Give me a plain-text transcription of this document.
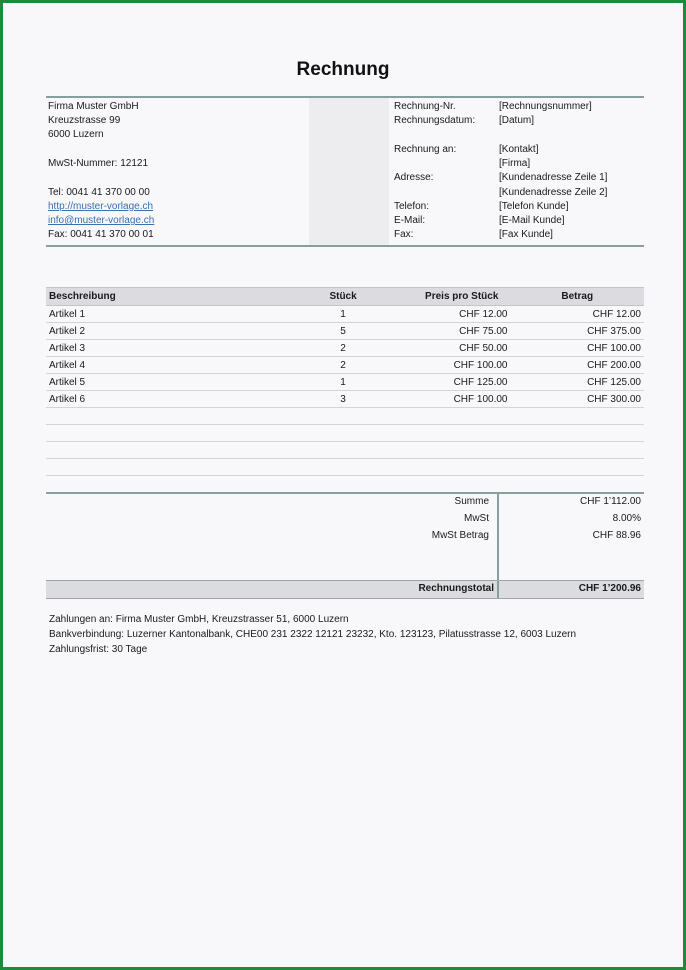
Rechnung
Firma Muster GmbH
Kreuzstrasse 99
6000 Luzern
MwSt-Nummer: 12121
Tel: 0041 41 370 00 00
http://muster-vorlage.ch
info@muster-vorlage.ch
Fax: 0041 41 370 00 01
Rechnung-Nr.	[Rechnungsnummer]
Rechnungsdatum: [Datum]
Rechnung an:	[Kontakt]
[Firma]
Adresse:	[Kundenadresse Zeile 1]
[Kundenadresse Zeile 2]
Telefon:	[Telefon Kunde]
E-Mail:	[E-Mail Kunde]
Fax:	[Fax Kunde]
Beschreibung	Stück	Preis pro Stück	Betrag
Artikel 1	1	CHF 12.00	CHF 12.00
Artikel 2	5	CHF 75.00	CHF 375.00
Artikel 3	2	CHF 50.00	CHF 100.00
Artikel 4	2	CHF 100.00	CHF 200.00
Artikel 5	1	CHF 125.00	CHF 125.00
Artikel 6	3	CHF 100.00	CHF 300.00

Summe	CHF 1’112.00
MwSt	8.00%
MwSt Betrag	CHF 88.96
Rechnungstotal	CHF 1’200.96
Zahlungen an: Firma Muster GmbH, Kreuzstrasser 51, 6000 Luzern
Bankverbindung: Luzerner Kantonalbank, CHE00 231 2322 12121 23232, Kto. 123123, Pilatusstrasse 12, 6003 Luzern
Zahlungsfrist: 30 Tage
